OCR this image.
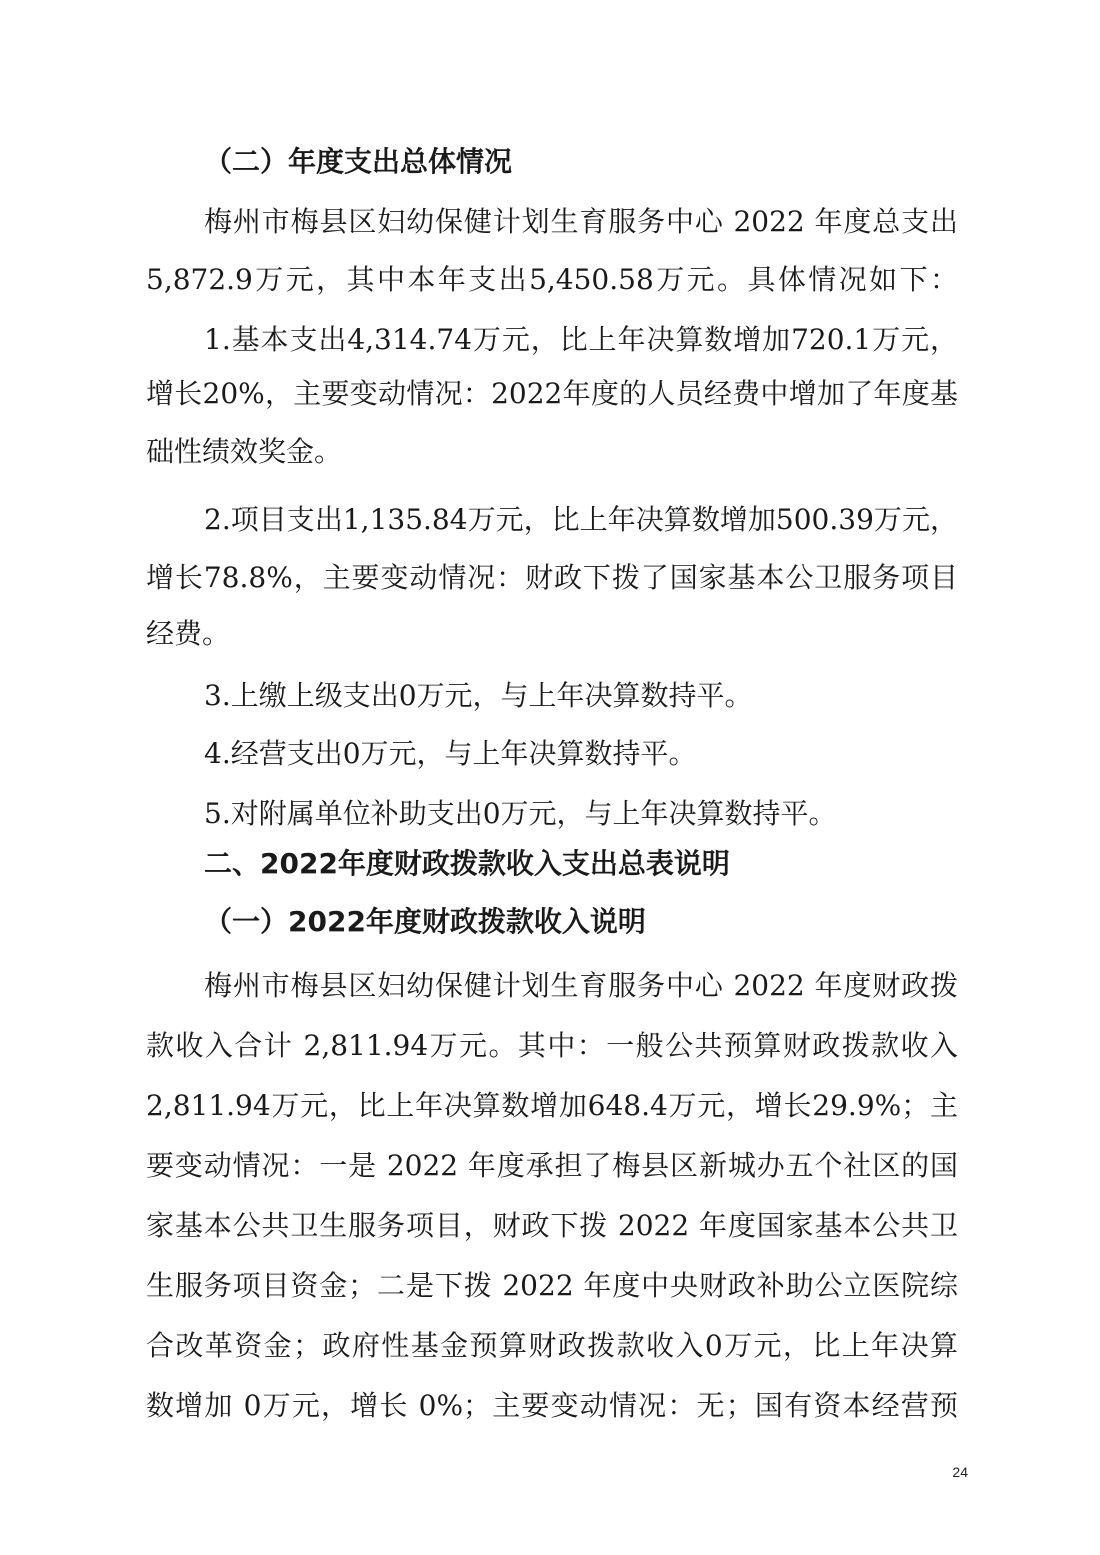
（二）年度支出总体情况
梅州市梅县区妇幼保健计划生育服务中心 2022 年度总支出
5,872.9万元，其中本年支出5,450.58万元。具体情况如下：
1.基本支出4,314.74万元，比上年决算数增加720.1万元，
增长20%，主要变动情况：2022年度的人员经费中增加了年度基
础性绩效奖金。
2.项目支出1,135.84万元，比上年决算数增加500.39万元，
增长78.8%，主要变动情况：财政下拨了国家基本公卫服务项目
经费。
3.上缴上级支出0万元，与上年决算数持平。
4.经营支出0万元，与上年决算数持平。
5.对附属单位补助支出0万元，与上年决算数持平。
二、2022年度财政拨款收入支出总表说明
（一）2022年度财政拨款收入说明
梅州市梅县区妇幼保健计划生育服务中心 2022 年度财政拨
款收入合计 2,811.94万元。其中：一般公共预算财政拨款收入
2,811.94万元，比上年决算数增加648.4万元，增长29.9%；主
要变动情况：一是 2022 年度承担了梅县区新城办五个社区的国
家基本公共卫生服务项目，财政下拨 2022 年度国家基本公共卫
生服务项目资金；二是下拨 2022 年度中央财政补助公立医院综
合改革资金；政府性基金预算财政拨款收入0万元，比上年决算
数增加 0万元，增长 0%；主要变动情况：无；国有资本经营预
24
